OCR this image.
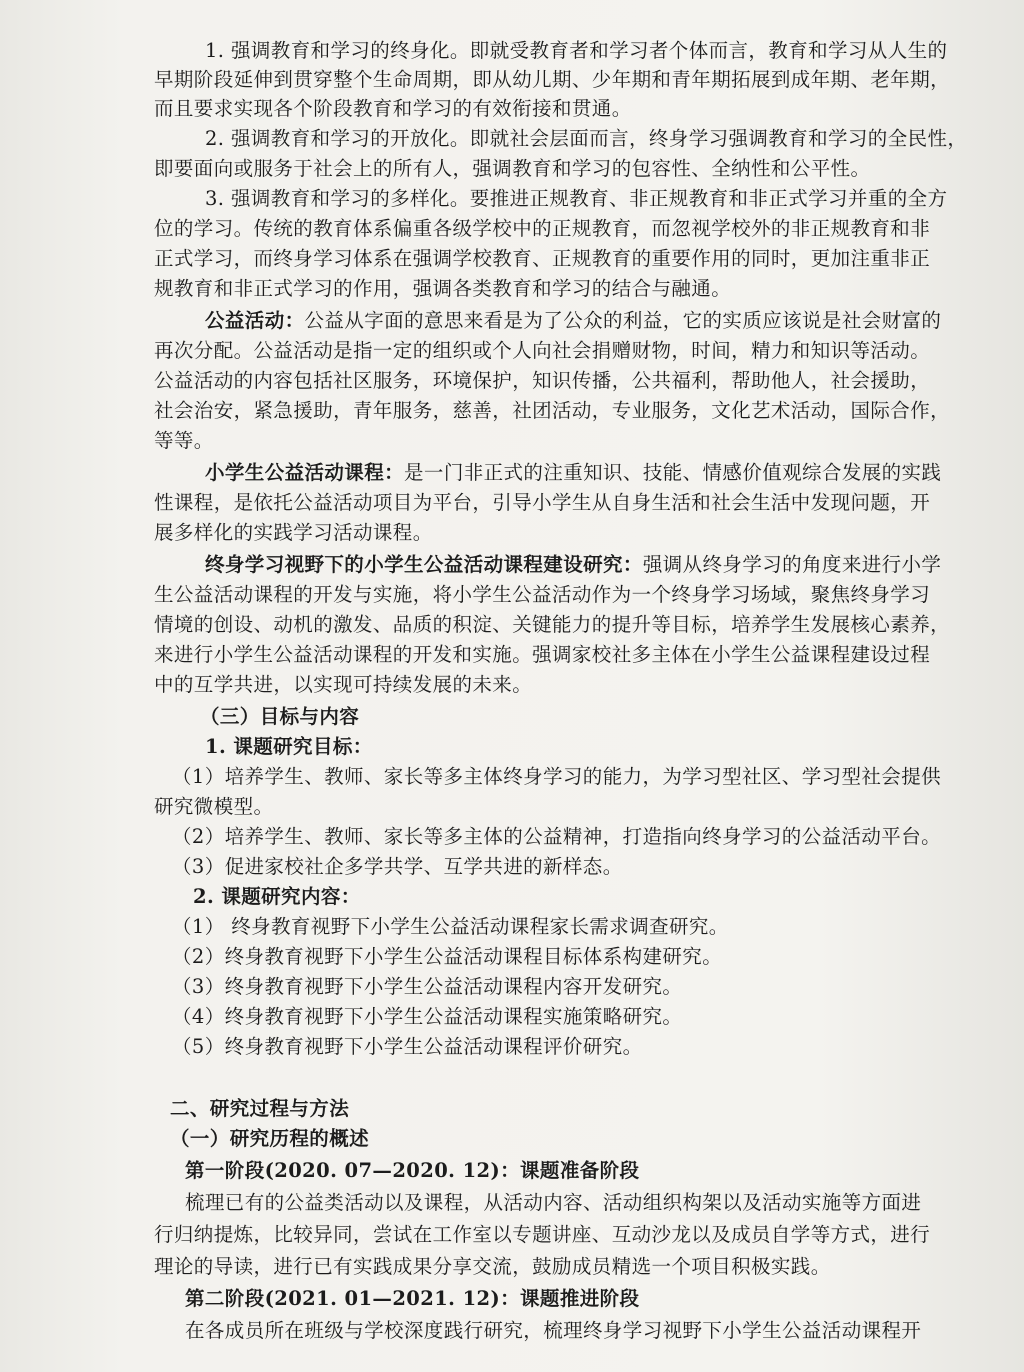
1. 强调教育和学习的终身化。即就受教育者和学习者个体而言，教育和学习从人生的
早期阶段延伸到贯穿整个生命周期，即从幼儿期、少年期和青年期拓展到成年期、老年期，
而且要求实现各个阶段教育和学习的有效衔接和贯通。
2. 强调教育和学习的开放化。即就社会层面而言，终身学习强调教育和学习的全民性，
即要面向或服务于社会上的所有人，强调教育和学习的包容性、全纳性和公平性。
3. 强调教育和学习的多样化。要推进正规教育、非正规教育和非正式学习并重的全方
位的学习。传统的教育体系偏重各级学校中的正规教育，而忽视学校外的非正规教育和非
正式学习，而终身学习体系在强调学校教育、正规教育的重要作用的同时，更加注重非正
规教育和非正式学习的作用，强调各类教育和学习的结合与融通。
公益活动：公益从字面的意思来看是为了公众的利益，它的实质应该说是社会财富的
再次分配。公益活动是指一定的组织或个人向社会捐赠财物，时间，精力和知识等活动。
公益活动的内容包括社区服务，环境保护，知识传播，公共福利，帮助他人，社会援助，
社会治安，紧急援助，青年服务，慈善，社团活动，专业服务，文化艺术活动，国际合作，
等等。
小学生公益活动课程：是一门非正式的注重知识、技能、情感价值观综合发展的实践
性课程，是依托公益活动项目为平台，引导小学生从自身生活和社会生活中发现问题，开
展多样化的实践学习活动课程。
终身学习视野下的小学生公益活动课程建设研究：强调从终身学习的角度来进行小学
生公益活动课程的开发与实施，将小学生公益活动作为一个终身学习场域，聚焦终身学习
情境的创设、动机的激发、品质的积淀、关键能力的提升等目标，培养学生发展核心素养，
来进行小学生公益活动课程的开发和实施。强调家校社多主体在小学生公益课程建设过程
中的互学共进，以实现可持续发展的未来。
（三）目标与内容
1. 课题研究目标：
（1）培养学生、教师、家长等多主体终身学习的能力，为学习型社区、学习型社会提供
研究微模型。
（2）培养学生、教师、家长等多主体的公益精神，打造指向终身学习的公益活动平台。
（3）促进家校社企多学共学、互学共进的新样态。
2. 课题研究内容：
（1） 终身教育视野下小学生公益活动课程家长需求调查研究。
（2）终身教育视野下小学生公益活动课程目标体系构建研究。
（3）终身教育视野下小学生公益活动课程内容开发研究。
（4）终身教育视野下小学生公益活动课程实施策略研究。
（5）终身教育视野下小学生公益活动课程评价研究。
二、研究过程与方法
（一）研究历程的概述
第一阶段(2020. 07—2020. 12)：课题准备阶段
梳理已有的公益类活动以及课程，从活动内容、活动组织构架以及活动实施等方面进
行归纳提炼，比较异同，尝试在工作室以专题讲座、互动沙龙以及成员自学等方式，进行
理论的导读，进行已有实践成果分享交流，鼓励成员精选一个项目积极实践。
第二阶段(2021. 01—2021. 12)：课题推进阶段
在各成员所在班级与学校深度践行研究，梳理终身学习视野下小学生公益活动课程开
